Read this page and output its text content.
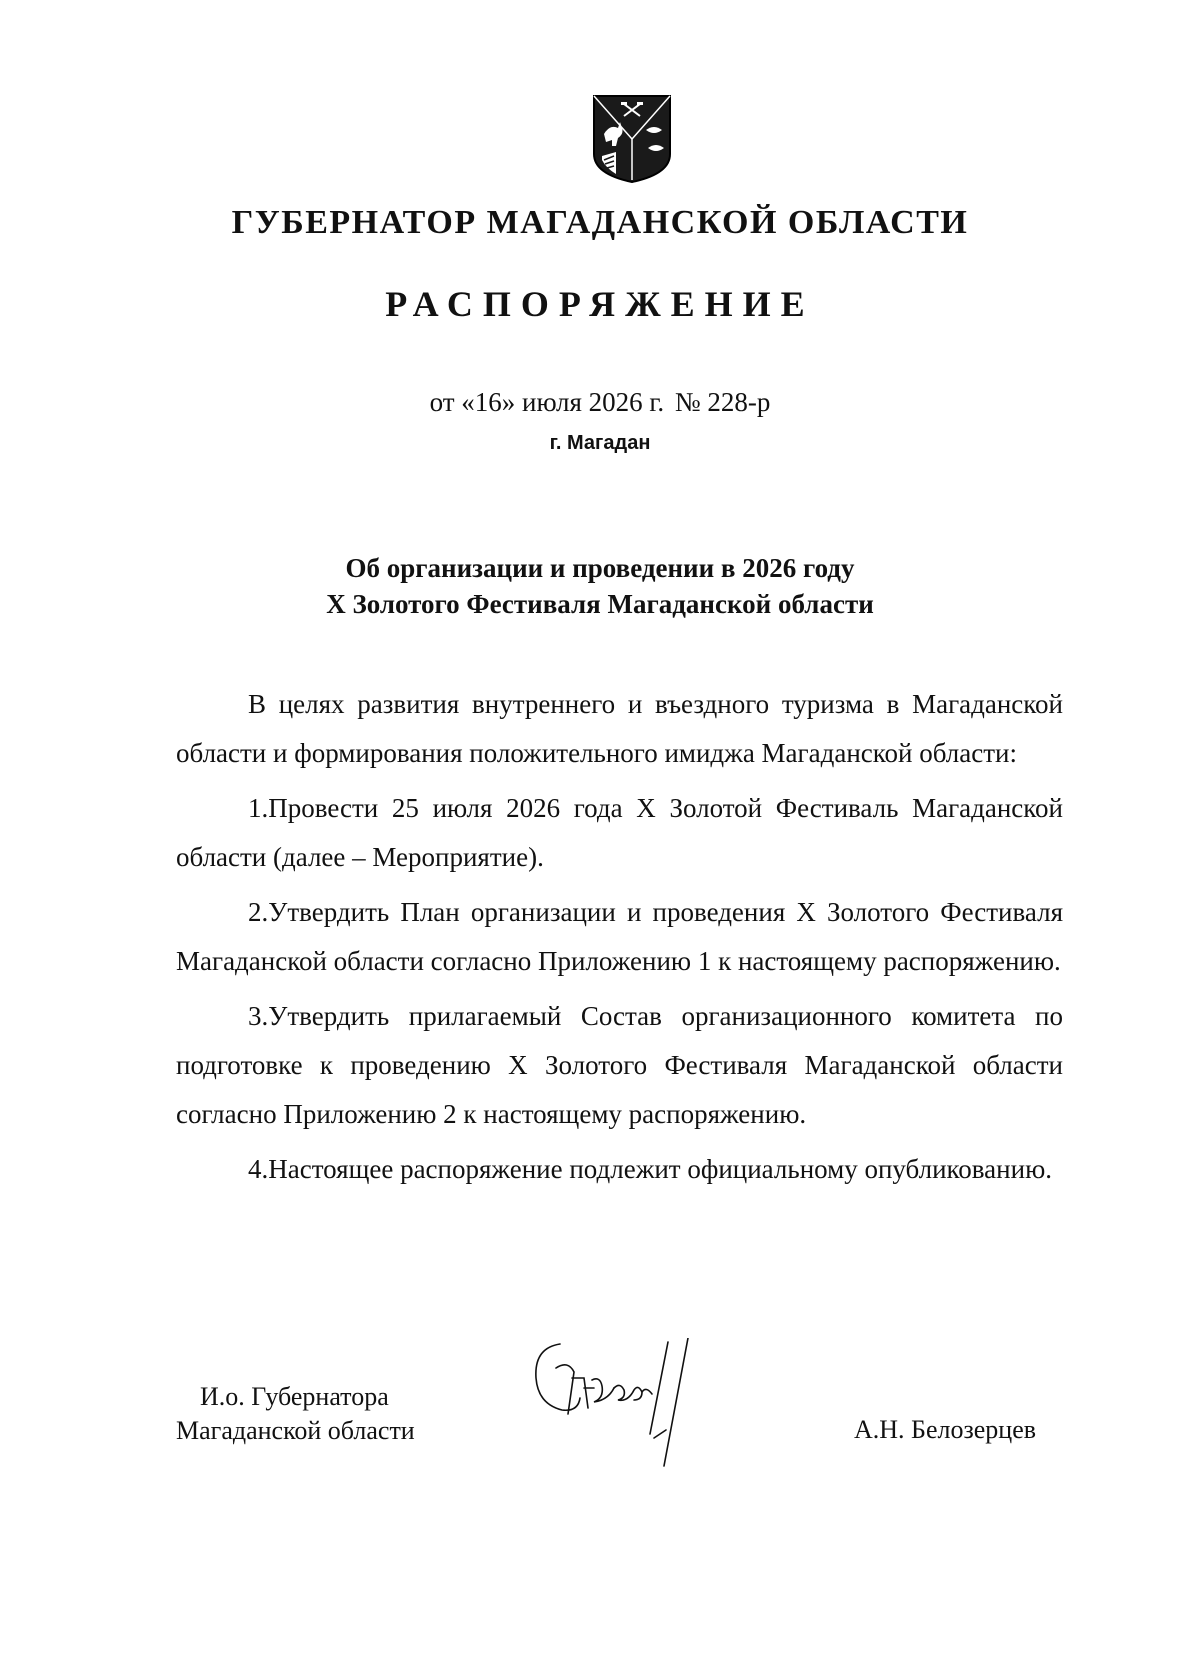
ГУБЕРНАТОР МАГАДАНСКОЙ ОБЛАСТИ
РАСПОРЯЖЕНИЕ
от «16» июля 2026 г. № 228-р
г. Магадан
Об организации и проведении в 2026 году
X Золотого Фестиваля Магаданской области

В целях развития внутреннего и въездного туризма в Магаданской области и формирования положительного имиджа Магаданской области:

1.Провести 25 июля 2026 года X Золотой Фестиваль Магаданской области (далее – Мероприятие).

2.Утвердить План организации и проведения X Золотого Фестиваля Магаданской области согласно Приложению 1 к настоящему распоряжению.

3.Утвердить прилагаемый Состав организационного комитета по подготовке к проведению X Золотого Фестиваля Магаданской области согласно Приложению 2 к настоящему распоряжению.

4.Настоящее распоряжение подлежит официальному опубликованию.

И.о. Губернатора
Магаданской области	А.Н. Белозерцев
